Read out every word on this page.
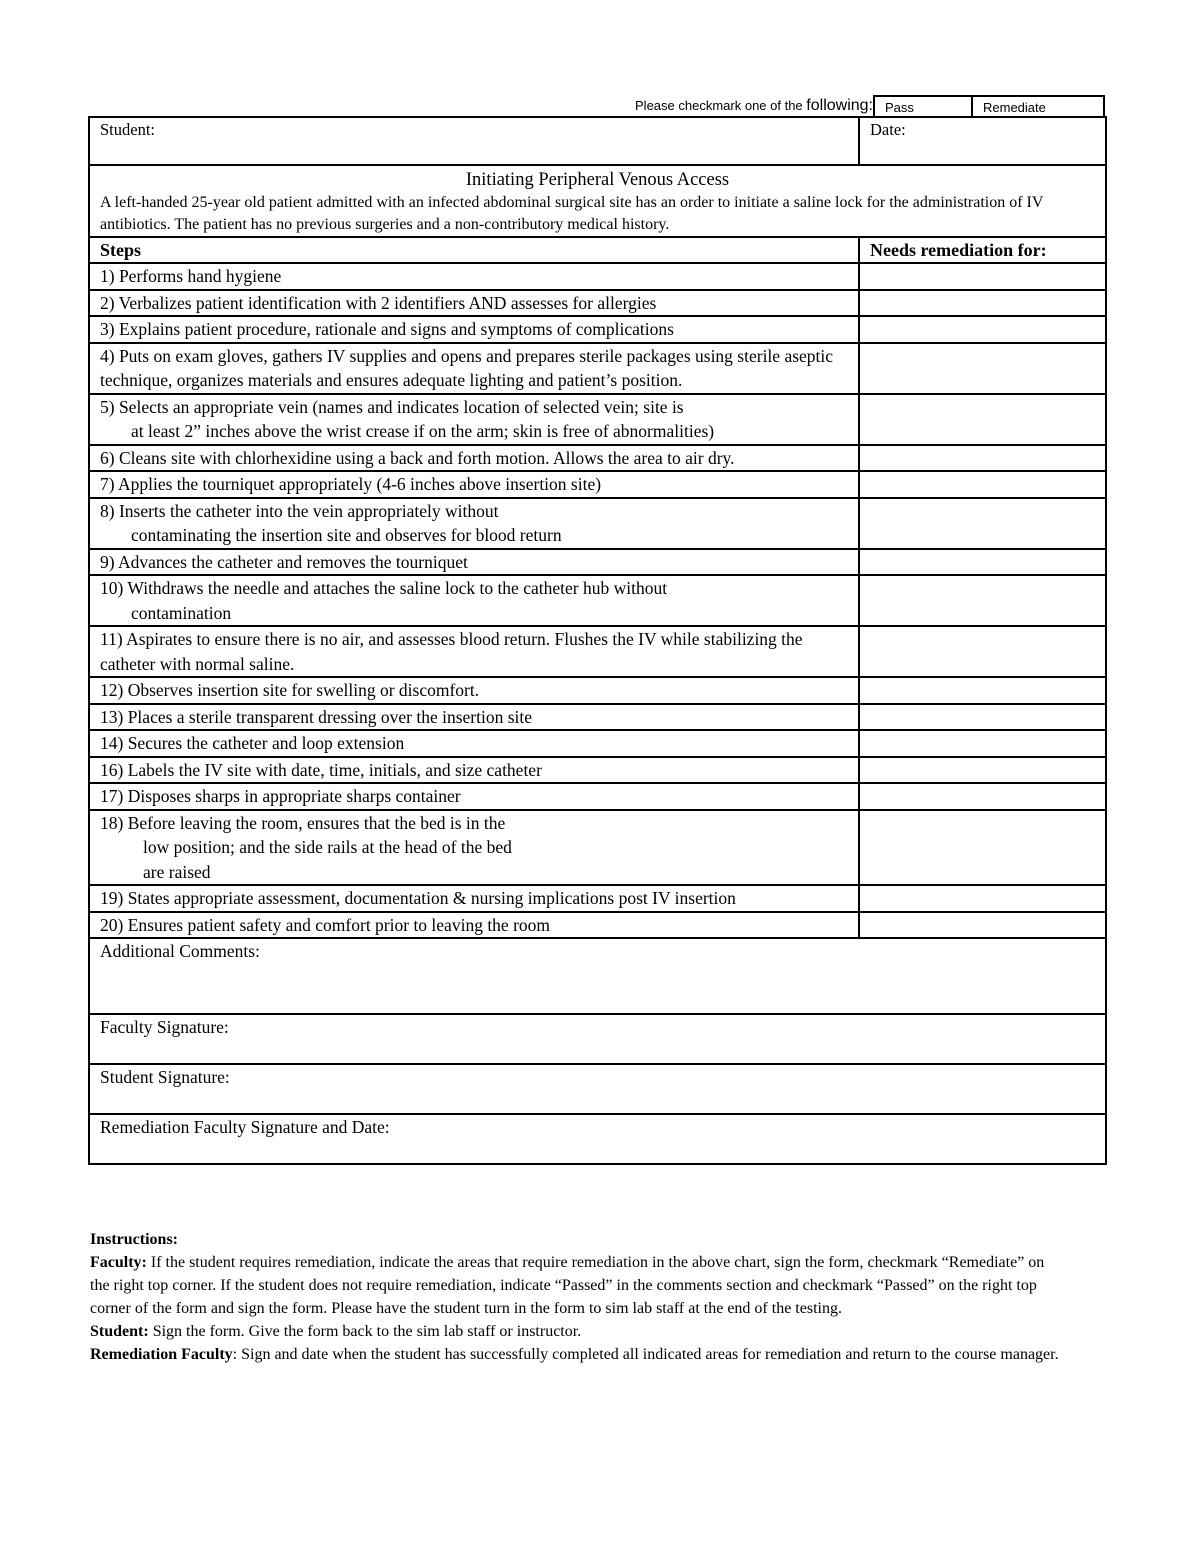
Please checkmark one of the following: Pass	Remediate
Student:	Date:

Initiating Peripheral Venous Access
A left-handed 25-year old patient admitted with an infected abdominal surgical site has an order to initiate a saline lock for the administration of IV antibiotics. The patient has no previous surgeries and a non-contributory medical history.	

Steps	Needs remediation for:

1) Performs hand hygiene	

2) Verbalizes patient identification with 2 identifiers AND assesses for allergies	

3) Explains patient procedure, rationale and signs and symptoms of complications	

4) Puts on exam gloves, gathers IV supplies and opens and prepares sterile packages using sterile aseptic technique, organizes materials and ensures adequate lighting and patient’s position.	

5) Selects an appropriate vein (names and indicates location of selected vein; site is
at least 2” inches above the wrist crease if on the arm; skin is free of abnormalities)	

6) Cleans site with chlorhexidine using a back and forth motion. Allows the area to air dry.	

7) Applies the tourniquet appropriately (4-6 inches above insertion site)	

8) Inserts the catheter into the vein appropriately without
contaminating the insertion site and observes for blood return	

9) Advances the catheter and removes the tourniquet	

10) Withdraws the needle and attaches the saline lock to the catheter hub without
contamination	

11) Aspirates to ensure there is no air, and assesses blood return. Flushes the IV while stabilizing the catheter with normal saline.	

12) Observes insertion site for swelling or discomfort.	

13) Places a sterile transparent dressing over the insertion site	

14) Secures the catheter and loop extension	

16) Labels the IV site with date, time, initials, and size catheter	

17) Disposes sharps in appropriate sharps container	

18) Before leaving the room, ensures that the bed is in the
low position; and the side rails at the head of the bed
are raised	

19) States appropriate assessment, documentation & nursing implications post IV insertion	

20) Ensures patient safety and comfort prior to leaving the room	

Additional Comments:	
Faculty Signature:	
Student Signature:	
Remediation Faculty Signature and Date:	

Instructions:

Faculty: If the student requires remediation, indicate the areas that require remediation in the above chart, sign the form, checkmark “Remediate” on the right top corner. If the student does not require remediation, indicate “Passed” in the comments section and checkmark “Passed” on the right top corner of the form and sign the form. Please have the student turn in the form to sim lab staff at the end of the testing.

Student: Sign the form. Give the form back to the sim lab staff or instructor.

Remediation Faculty: Sign and date when the student has successfully completed all indicated areas for remediation and return to the course manager.
